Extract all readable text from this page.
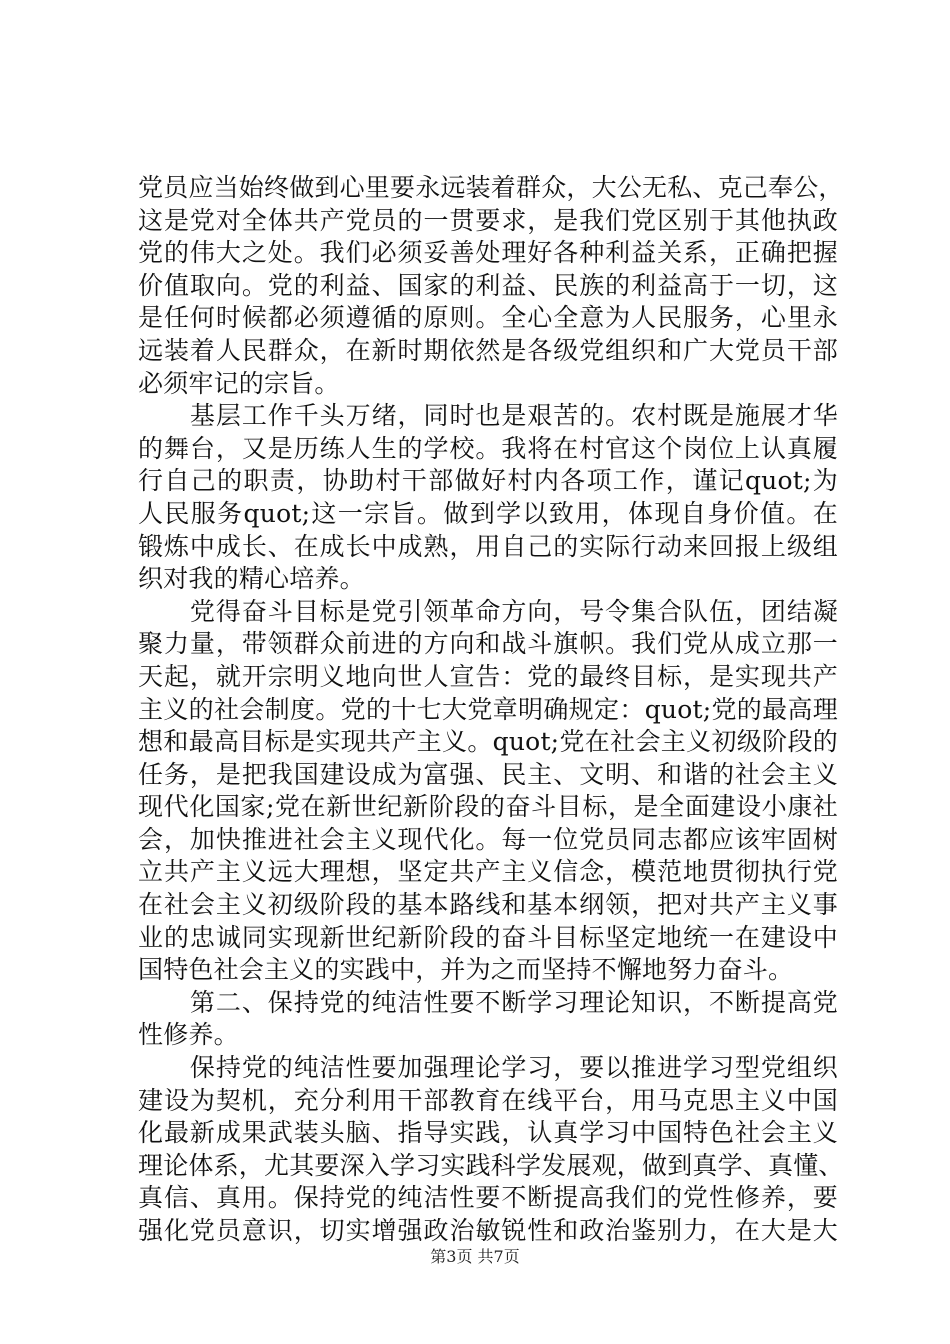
党员应当始终做到心里要永远装着群众，大公无私、克己奉公，
这是党对全体共产党员的一贯要求，是我们党区别于其他执政
党的伟大之处。我们必须妥善处理好各种利益关系，正确把握
价值取向。党的利益、国家的利益、民族的利益高于一切，这
是任何时候都必须遵循的原则。全心全意为人民服务，心里永
远装着人民群众，在新时期依然是各级党组织和广大党员干部
必须牢记的宗旨。
　　基层工作千头万绪，同时也是艰苦的。农村既是施展才华
的舞台，又是历练人生的学校。我将在村官这个岗位上认真履
行自己的职责，协助村干部做好村内各项工作，谨记quot;为
人民服务quot;这一宗旨。做到学以致用，体现自身价值。在
锻炼中成长、在成长中成熟，用自己的实际行动来回报上级组
织对我的精心培养。
　　党得奋斗目标是党引领革命方向，号令集合队伍，团结凝
聚力量，带领群众前进的方向和战斗旗帜。我们党从成立那一
天起，就开宗明义地向世人宣告：党的最终目标，是实现共产
主义的社会制度。党的十七大党章明确规定：quot;党的最高理
想和最高目标是实现共产主义。quot;党在社会主义初级阶段的
任务，是把我国建设成为富强、民主、文明、和谐的社会主义
现代化国家;党在新世纪新阶段的奋斗目标，是全面建设小康社
会，加快推进社会主义现代化。每一位党员同志都应该牢固树
立共产主义远大理想，坚定共产主义信念，模范地贯彻执行党
在社会主义初级阶段的基本路线和基本纲领，把对共产主义事
业的忠诚同实现新世纪新阶段的奋斗目标坚定地统一在建设中
国特色社会主义的实践中，并为之而坚持不懈地努力奋斗。
　　第二、保持党的纯洁性要不断学习理论知识，不断提高党
性修养。
　　保持党的纯洁性要加强理论学习，要以推进学习型党组织
建设为契机，充分利用干部教育在线平台，用马克思主义中国
化最新成果武装头脑、指导实践，认真学习中国特色社会主义
理论体系，尤其要深入学习实践科学发展观，做到真学、真懂、
真信、真用。保持党的纯洁性要不断提高我们的党性修养，要
强化党员意识，切实增强政治敏锐性和政治鉴别力，在大是大
第3页 共7页
